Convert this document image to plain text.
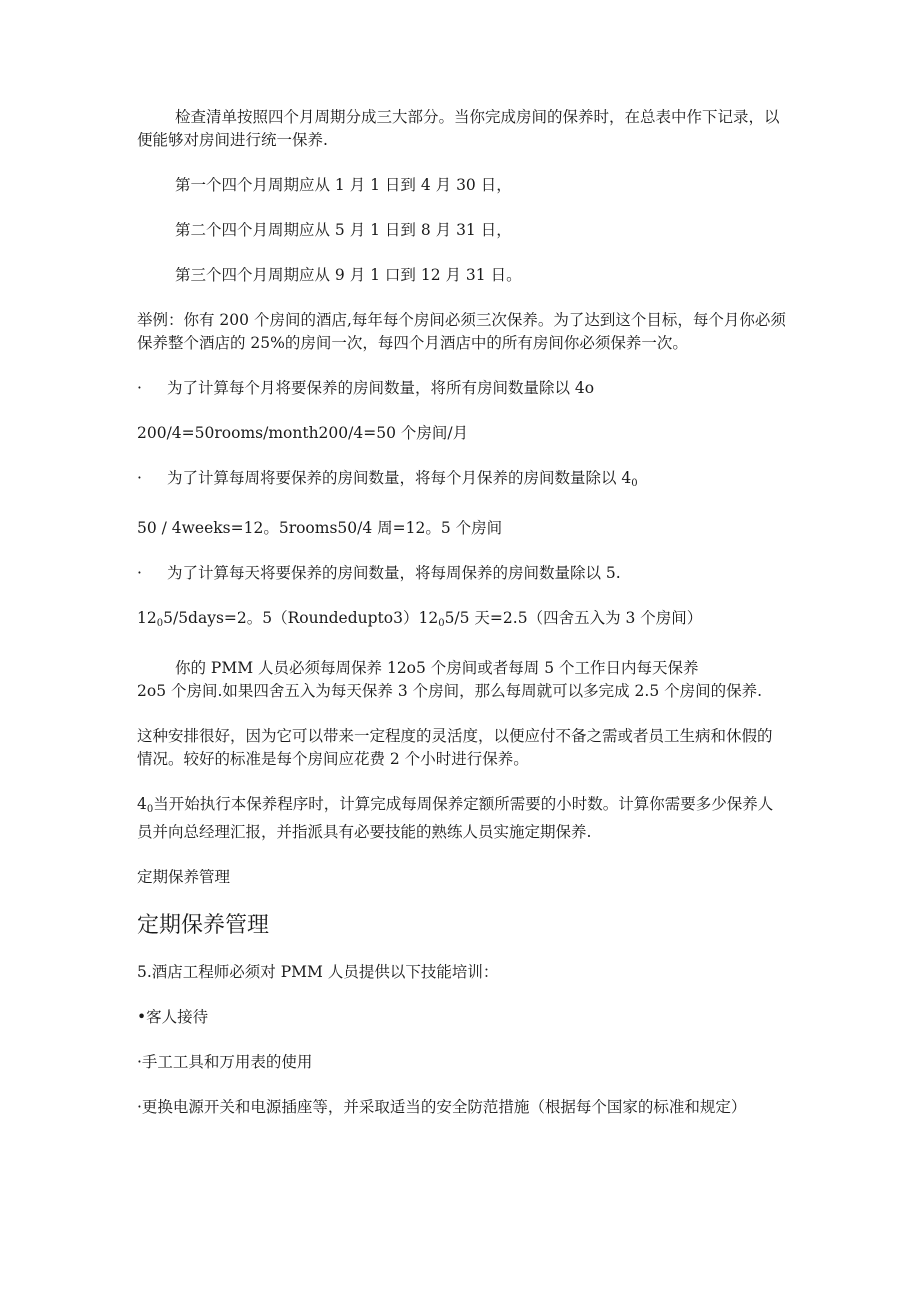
检查清单按照四个月周期分成三大部分。当你完成房间的保养时，在总表中作下记录，以便能够对房间进行统一保养.

第一个四个月周期应从 1 月 1 日到 4 月 30 日，

第二个四个月周期应从 5 月 1 日到 8 月 31 日，

第三个四个月周期应从 9 月 1 口到 12 月 31 日。

举例：你有 200 个房间的酒店,每年每个房间必须三次保养。为了达到这个目标，每个月你必须保养整个酒店的 25%的房间一次，每四个月酒店中的所有房间你必须保养一次。

·	为了计算每个月将要保养的房间数量，将所有房间数量除以 4o

200/4=50rooms/month200/4=50 个房间/月

·	为了计算每周将要保养的房间数量，将每个月保养的房间数量除以 $4_0$

50 / 4weeks=12。5rooms50/4 周=12。5 个房间

·	为了计算每天将要保养的房间数量，将每周保养的房间数量除以 5.

$12_05/5days=2$。$5(Roundedupto3)12_05/5$ 天=2.5（四舍五入为 3 个房间）

你的 PMM 人员必须每周保养 12o5 个房间或者每周 5 个工作日内每天保养
2o5 个房间.如果四舍五入为每天保养 3 个房间，那么每周就可以多完成 2.5 个房间的保养.

这种安排很好，因为它可以带来一定程度的灵活度，以便应付不备之需或者员工生病和休假的情况。较好的标准是每个房间应花费 2 个小时进行保养。

$4_0$当开始执行本保养程序时，计算完成每周保养定额所需要的小时数。计算你需要多少保养人员并向总经理汇报，并指派具有必要技能的熟练人员实施定期保养.

定期保养管理

定期保养管理

5.酒店工程师必须对 PMM 人员提供以下技能培训：

•客人接待

·手工工具和万用表的使用

·更换电源开关和电源插座等，并采取适当的安全防范措施（根据每个国家的标准和规定）
